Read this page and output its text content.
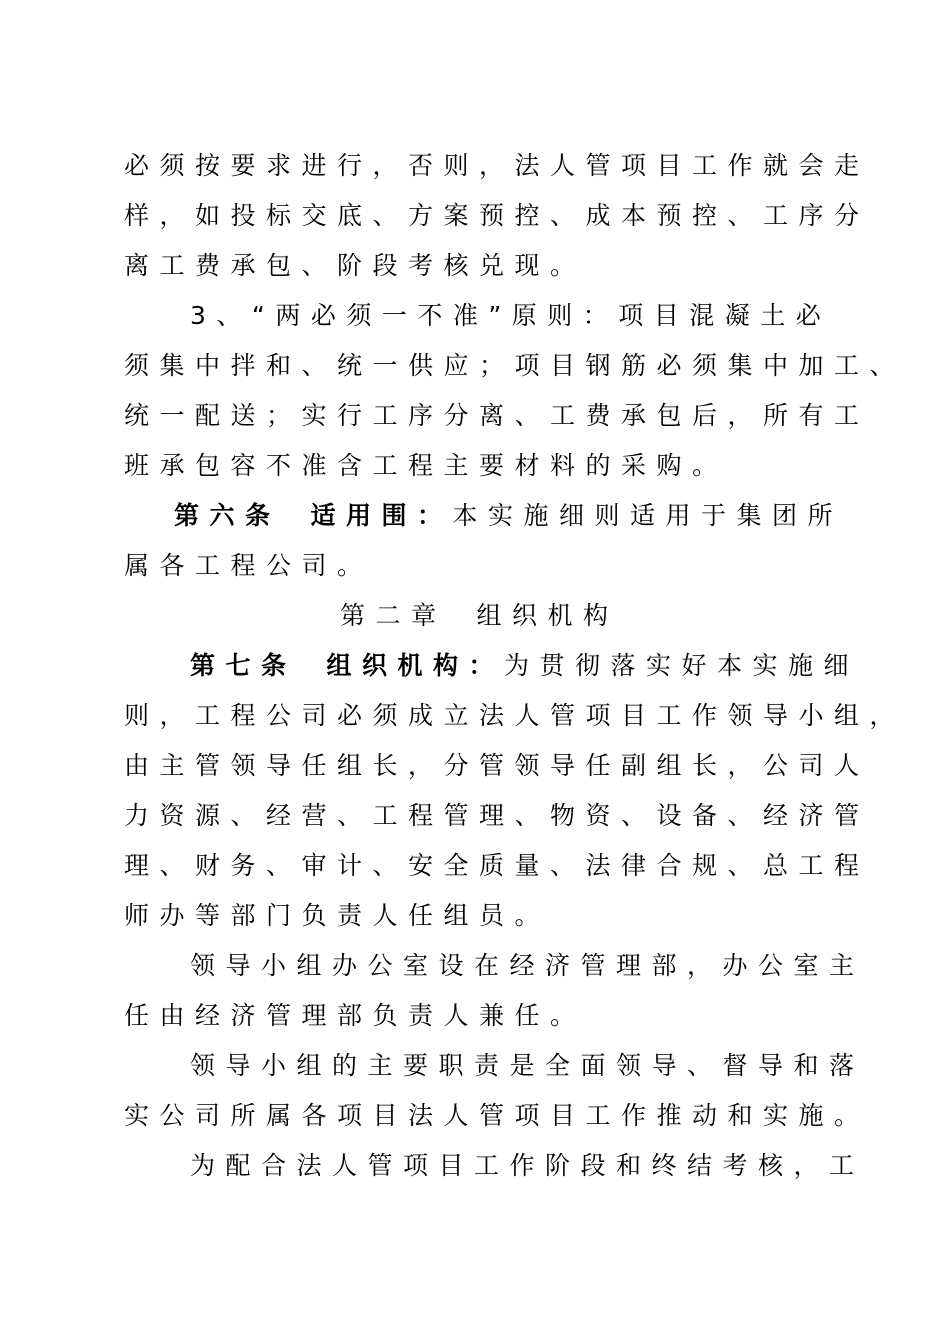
必须按要求进行，否则，法人管项目工作就会走
样，如投标交底、方案预控、成本预控、工序分
离工费承包、阶段考核兑现。
3、“两必须一不准”原则：项目混凝土必
须集中拌和、统一供应；项目钢筋必须集中加工、
统一配送；实行工序分离、工费承包后，所有工
班承包容不准含工程主要材料的采购。
第六条 适用围：本实施细则适用于集团所
属各工程公司。
第二章 组织机构
第七条 组织机构：为贯彻落实好本实施细
则，工程公司必须成立法人管项目工作领导小组，
由主管领导任组长，分管领导任副组长，公司人
力资源、经营、工程管理、物资、设备、经济管
理、财务、审计、安全质量、法律合规、总工程
师办等部门负责人任组员。
领导小组办公室设在经济管理部，办公室主
任由经济管理部负责人兼任。
领导小组的主要职责是全面领导、督导和落
实公司所属各项目法人管项目工作推动和实施。
为配合法人管项目工作阶段和终结考核，工
